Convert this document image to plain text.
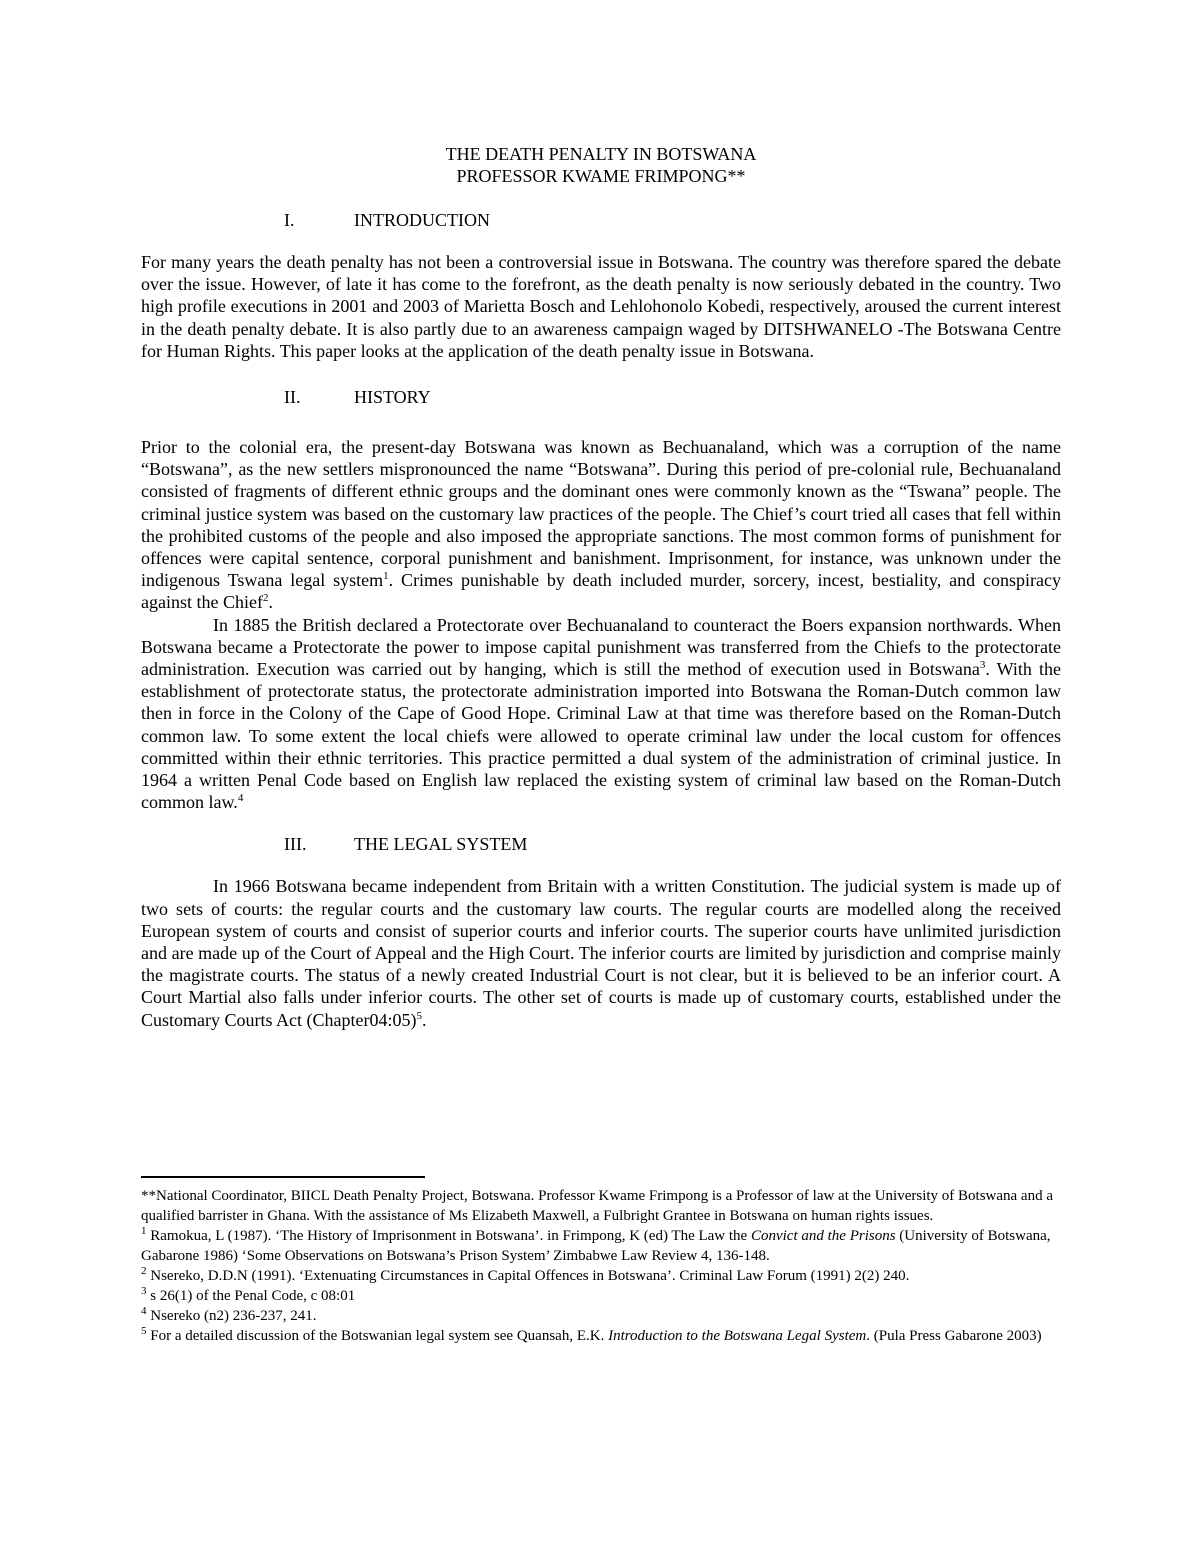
THE DEATH PENALTY IN BOTSWANA
PROFESSOR KWAME FRIMPONG**
I.	INTRODUCTION

For many years the death penalty has not been a controversial issue in Botswana. The country was therefore spared the debate over the issue. However, of late it has come to the forefront, as the death penalty is now seriously debated in the country. Two high profile executions in 2001 and 2003 of Marietta Bosch and Lehlohonolo Kobedi, respectively, aroused the current interest in the death penalty debate. It is also partly due to an awareness campaign waged by DITSHWANELO -The Botswana Centre for Human Rights. This paper looks at the application of the death penalty issue in Botswana.

II.	HISTORY

Prior to the colonial era, the present-day Botswana was known as Bechuanaland, which was a corruption of the name “Botswana”, as the new settlers mispronounced the name “Botswana”. During this period of pre-colonial rule, Bechuanaland consisted of fragments of different ethnic groups and the dominant ones were commonly known as the “Tswana” people. The criminal justice system was based on the customary law practices of the people. The Chief’s court tried all cases that fell within the prohibited customs of the people and also imposed the appropriate sanctions. The most common forms of punishment for offences were capital sentence, corporal punishment and banishment. Imprisonment, for instance, was unknown under the indigenous Tswana legal system$^1$. Crimes punishable by death included murder, sorcery, incest, bestiality, and conspiracy against the Chief$^2$.

In 1885 the British declared a Protectorate over Bechuanaland to counteract the Boers expansion northwards. When Botswana became a Protectorate the power to impose capital punishment was transferred from the Chiefs to the protectorate administration. Execution was carried out by hanging, which is still the method of execution used in Botswana$^3$. With the establishment of protectorate status, the protectorate administration imported into Botswana the Roman-Dutch common law then in force in the Colony of the Cape of Good Hope. Criminal Law at that time was therefore based on the Roman-Dutch common law. To some extent the local chiefs were allowed to operate criminal law under the local custom for offences committed within their ethnic territories. This practice permitted a dual system of the administration of criminal justice. In 1964 a written Penal Code based on English law replaced the existing system of criminal law based on the Roman-Dutch common law.$^4$

III.	THE LEGAL SYSTEM

In 1966 Botswana became independent from Britain with a written Constitution. The judicial system is made up of two sets of courts: the regular courts and the customary law courts. The regular courts are modelled along the received European system of courts and consist of superior courts and inferior courts. The superior courts have unlimited jurisdiction and are made up of the Court of Appeal and the High Court. The inferior courts are limited by jurisdiction and comprise mainly the magistrate courts. The status of a newly created Industrial Court is not clear, but it is believed to be an inferior court. A Court Martial also falls under inferior courts. The other set of courts is made up of customary courts, established under the Customary Courts Act (Chapter04:05)$^5$.

**National Coordinator, BIICL Death Penalty Project, Botswana. Professor Kwame Frimpong is a Professor of law at the University of Botswana and a qualified barrister in Ghana. With the assistance of Ms Elizabeth Maxwell, a Fulbright Grantee in Botswana on human rights issues.

$^1$ Ramokua, L (1987). ‘The History of Imprisonment in Botswana’. in Frimpong, K (ed) The Law the Convict and the Prisons (University of Botswana, Gabarone 1986) ‘Some Observations on Botswana’s Prison System’ Zimbabwe Law Review 4, 136-148.

$^2$ Nsereko, D.D.N (1991). ‘Extenuating Circumstances in Capital Offences in Botswana’. Criminal Law Forum (1991) 2(2) 240.

$^3$ s 26(1) of the Penal Code, c 08:01

$^4$ Nsereko (n2) 236-237, 241.

$^5$ For a detailed discussion of the Botswanian legal system see Quansah, E.K. Introduction to the Botswana Legal System. (Pula Press Gabarone 2003)
